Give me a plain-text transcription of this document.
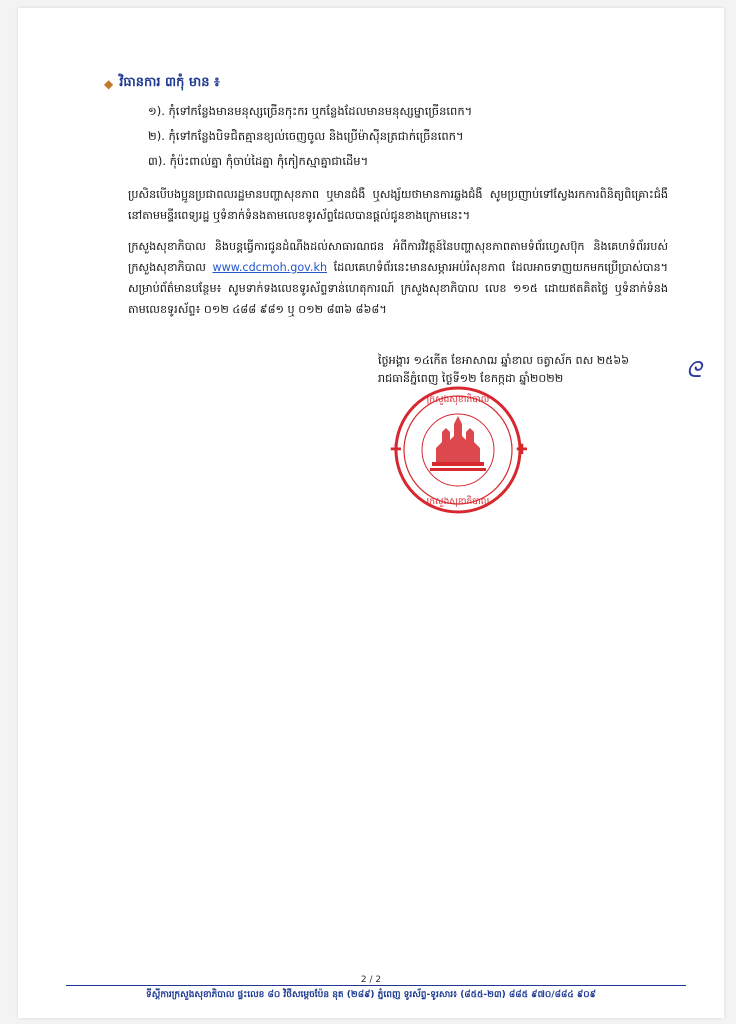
◆ វិធានការ ៣កុំ មាន ៖
១). កុំទៅកន្លែងមានមនុស្សច្រើនកុះករ ឬកន្លែងដែលមានមនុស្សម្នាច្រើនពេក។
២). កុំទៅកន្លែងបិទជិតគ្មានខ្យល់ចេញចូល និងប្រើម៉ាស៊ីនត្រជាក់ច្រើនពេក។
៣). កុំប៉ះពាល់គ្នា កុំចាប់ដៃគ្នា កុំកៀកស្មាគ្នាជាដើម។
ប្រសិនបើបងប្អូនប្រជាពលរដ្ឋមានបញ្ហាសុខភាព ឬមានជំងឺ ឬសង្ស័យថាមានការឆ្លងជំងឺ សូមប្រញាប់ទៅស្វែងរកការពិនិត្យពិគ្រោះជំងឺនៅតាមមន្ទីរពេទ្យរដ្ឋ ឬទំនាក់ទំនងតាមលេខទូរស័ព្ទដែលបានផ្តល់ជូនខាងក្រោមនេះ។
ក្រសួងសុខាភិបាល និងបន្តធ្វើការជូនដំណឹងដល់សាធារណជន អំពីការវិវត្តន៍នៃបញ្ហាសុខភាពតាមទំព័រហ្វេសប៊ុក និងគេហទំព័ររបស់ក្រសួងសុខាភិបាល www.cdcmoh.gov.kh ដែលគេហទំព័រនេះមានសម្ភារអប់រំសុខភាព ដែលអាចទាញយកមកប្រើប្រាស់បាន។ សម្រាប់ព័ត៌មានបន្ថែម៖ សូមទាក់ទងលេខទូរស័ព្ទទាន់ហេតុការណ៍ ក្រសួងសុខាភិបាល លេខ ១១៥ ដោយឥតគិតថ្លៃ ឬទំនាក់ទំនងតាមលេខទូរស័ព្ទ៖ ០១២ ៤៨៨ ៩៨១ ឬ ០១២ ៨៣៦ ៨៦៨។
ថ្ងៃអង្គារ ១៤កើត ខែអាសាឍ ឆ្នាំខាល ចត្វាស័ក ពស ២៥៦៦
រាជធានីភ្នំពេញ ថ្ងៃទី១២ ខែកក្កដា ឆ្នាំ២០២២	ᘓ
✚	✚
ក្រសួងសុខាភិបាល
ក្រសួងសុខាភិបាល
2 / 2
ទីស្តីការក្រសួងសុខាភិបាល ផ្ទះលេខ ៨០ វិថីសម្តេចប៉ែន នុត (២៨៩) ភ្នំពេញ ទូរស័ព្ទ-ទូរសារ៖ (៨៥៥-២៣) ៨៨៥ ៩៧០/៨៨៤ ៩០៩
